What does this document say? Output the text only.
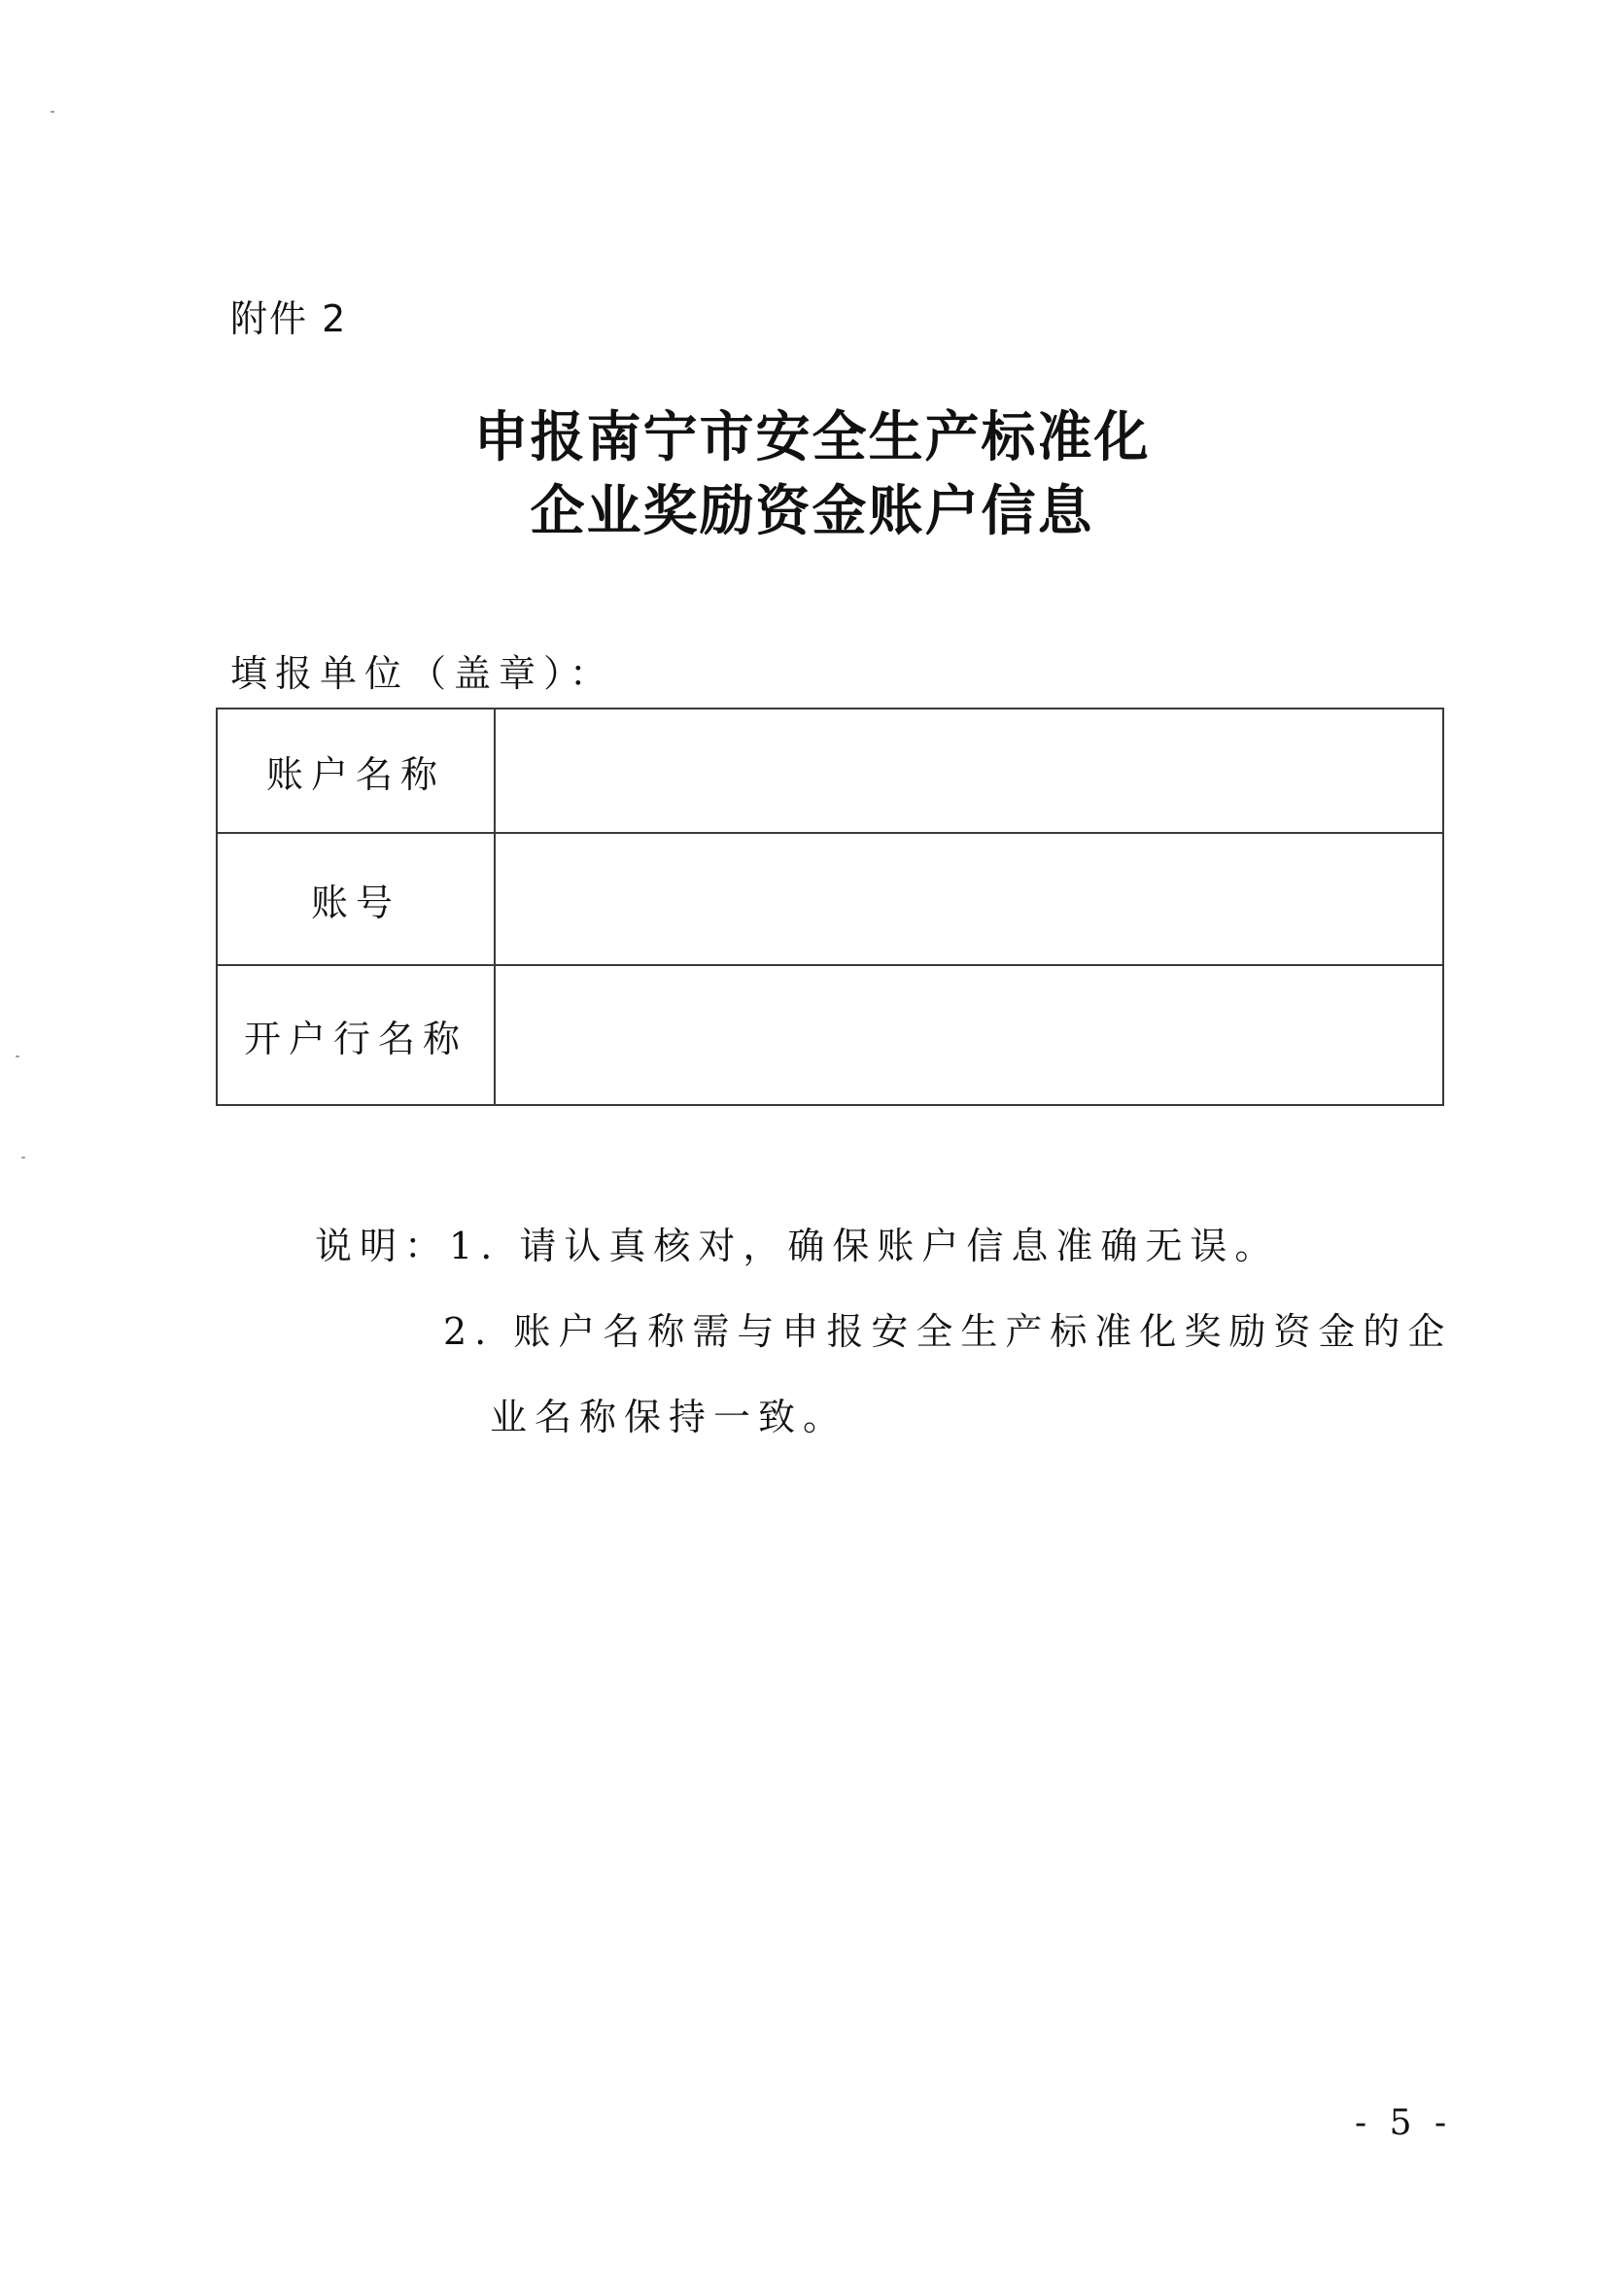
附件 2
申报南宁市安全生产标准化
企业奖励资金账户信息
填报单位（盖章）：
账户名称	
账号	
开户行名称	
说明：1. 请认真核对，确保账户信息准确无误。
2. 账户名称需与申报安全生产标准化奖励资金的企
业名称保持一致。
- 5 -
